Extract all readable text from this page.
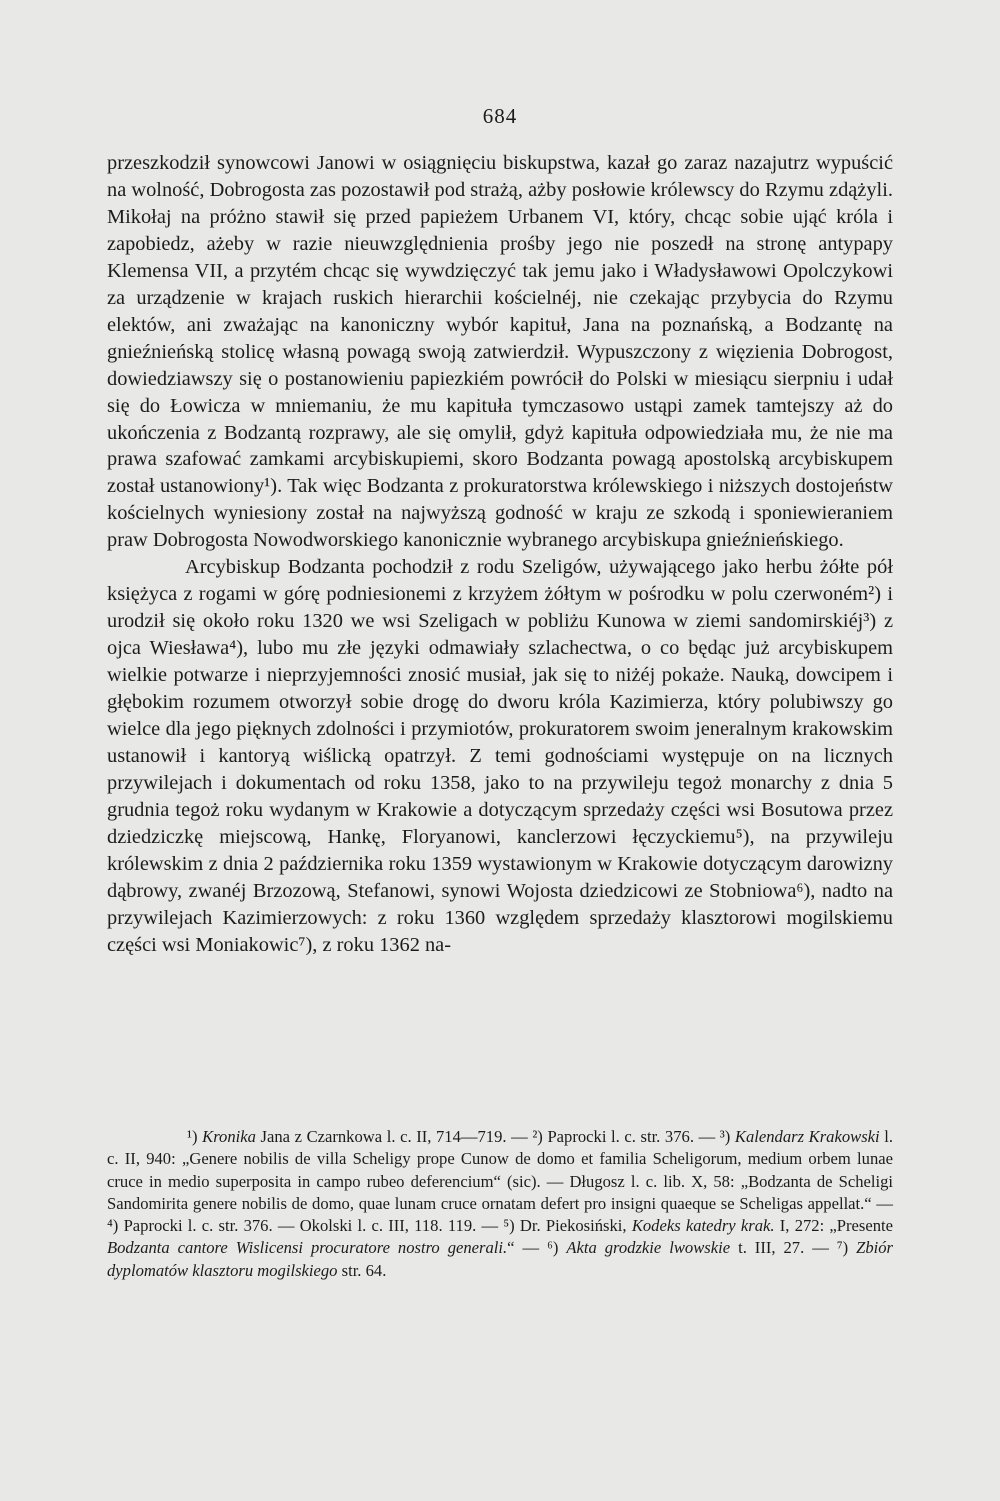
684

przeszkodził synowcowi Janowi w osiągnięciu biskupstwa, kazał go zaraz nazajutrz wypuścić na wolność, Dobrogosta zas pozostawił pod strażą, ażby posłowie królewscy do Rzymu zdążyli. Mikołaj na próżno stawił się przed papieżem Urbanem VI, który, chcąc sobie ująć króla i zapobiedz, ażeby w razie nieuwzględnienia prośby jego nie poszedł na stronę antypapy Klemensa VII, a przytém chcąc się wywdzięczyć tak jemu jako i Władysławowi Opolczykowi za urządzenie w krajach ruskich hierarchii kościelnéj, nie czekając przybycia do Rzymu elektów, ani zważając na kanoniczny wybór kapituł, Jana na poznańską, a Bodzantę na gnieźnieńską stolicę własną powagą swoją zatwierdził. Wypuszczony z więzienia Dobrogost, dowiedziawszy się o postanowieniu papiezkiém powrócił do Polski w miesiącu sierpniu i udał się do Łowicza w mniemaniu, że mu kapituła tymczasowo ustąpi zamek tamtejszy aż do ukończenia z Bodzantą rozprawy, ale się omylił, gdyż kapituła odpowiedziała mu, że nie ma prawa szafować zamkami arcybiskupiemi, skoro Bodzanta powagą apostolską arcybiskupem został ustanowiony¹). Tak więc Bodzanta z prokuratorstwa królewskiego i niższych dostojeństw kościelnych wyniesiony został na najwyższą godność w kraju ze szkodą i sponiewieraniem praw Dobrogosta Nowodworskiego kanonicznie wybranego arcybiskupa gnieźnieńskiego.

Arcybiskup Bodzanta pochodził z rodu Szeligów, używającego jako herbu żółte pół księżyca z rogami w górę podniesionemi z krzyżem żółtym w pośrodku w polu czerwoném²) i urodził się około roku 1320 we wsi Szeligach w pobliżu Kunowa w ziemi sandomirskiéj³) z ojca Wiesława⁴), lubo mu złe języki odmawiały szlachectwa, o co będąc już arcybiskupem wielkie potwarze i nieprzyjemności znosić musiał, jak się to niżéj pokaże. Nauką, dowcipem i głębokim rozumem otworzył sobie drogę do dworu króla Kazimierza, który polubiwszy go wielce dla jego pięknych zdolności i przymiotów, prokuratorem swoim jeneralnym krakowskim ustanowił i kantoryą wiślicką opatrzył. Z temi godnościami występuje on na licznych przywilejach i dokumentach od roku 1358, jako to na przywileju tegoż monarchy z dnia 5 grudnia tegoż roku wydanym w Krakowie a dotyczącym sprzedaży części wsi Bosutowa przez dziedziczkę miejscową, Hankę, Floryanowi, kanclerzowi łęczyckiemu⁵), na przywileju królewskim z dnia 2 października roku 1359 wystawionym w Krakowie dotyczącym darowizny dąbrowy, zwanéj Brzozową, Stefanowi, synowi Wojosta dziedzicowi ze Stobniowa⁶), nadto na przywilejach Kazimierzowych: z roku 1360 względem sprzedaży klasztorowi mogilskiemu części wsi Moniakowic⁷), z roku 1362 na-

¹) Kronika Jana z Czarnkowa l. c. II, 714—719. — ²) Paprocki l. c. str. 376. — ³) Kalendarz Krakowski l. c. II, 940: „Genere nobilis de villa Scheligy prope Cunow de domo et familia Scheligorum, medium orbem lunae cruce in medio superposita in campo rubeo deferencium“ (sic). — Długosz l. c. lib. X, 58: „Bodzanta de Scheligi Sandomirita genere nobilis de domo, quae lunam cruce ornatam defert pro insigni quaeque se Scheligas appellat.“ — ⁴) Paprocki l. c. str. 376. — Okolski l. c. III, 118. 119. — ⁵) Dr. Piekosiński, Kodeks katedry krak. I, 272: „Presente Bodzanta cantore Wislicensi procuratore nostro generali.“ — ⁶) Akta grodzkie lwowskie t. III, 27. — ⁷) Zbiór dyplomatów klasztoru mogilskiego str. 64.
